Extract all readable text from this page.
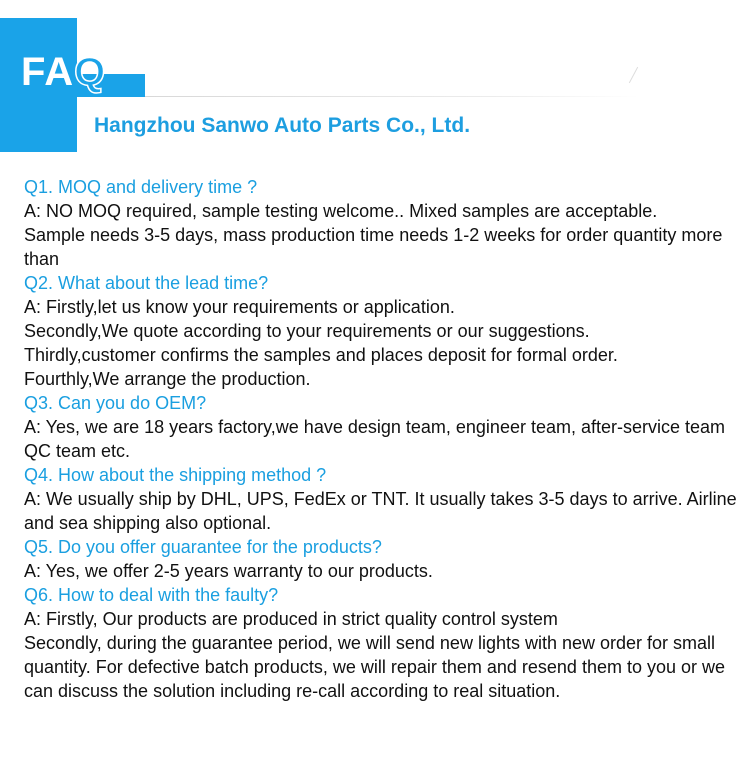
FAQ
Hangzhou Sanwo Auto Parts Co., Ltd.

Q1. MOQ and delivery time ?

A: NO MOQ required, sample testing welcome.. Mixed samples are acceptable.

Sample needs 3-5 days, mass production time needs 1-2 weeks for order quantity more than

Q2. What about the lead time?

A: Firstly,let us know your requirements or application.

Secondly,We quote according to your requirements or our suggestions.

Thirdly,customer confirms the samples and places deposit for formal order.

Fourthly,We arrange the production.

Q3. Can you do OEM?

A: Yes, we are 18 years factory,we have design team, engineer team, after-service team QC team etc.

Q4. How about the shipping method ?

A: We usually ship by DHL, UPS, FedEx or TNT. It usually takes 3-5 days to arrive. Airline and sea shipping also optional.

Q5. Do you offer guarantee for the products?

A: Yes, we offer 2-5 years warranty to our products.

Q6. How to deal with the faulty?

A: Firstly, Our products are produced in strict quality control system

Secondly, during the guarantee period, we will send new lights with new order for small quantity. For defective batch products, we will repair them and resend them to you or we can discuss the solution including re-call according to real situation.
